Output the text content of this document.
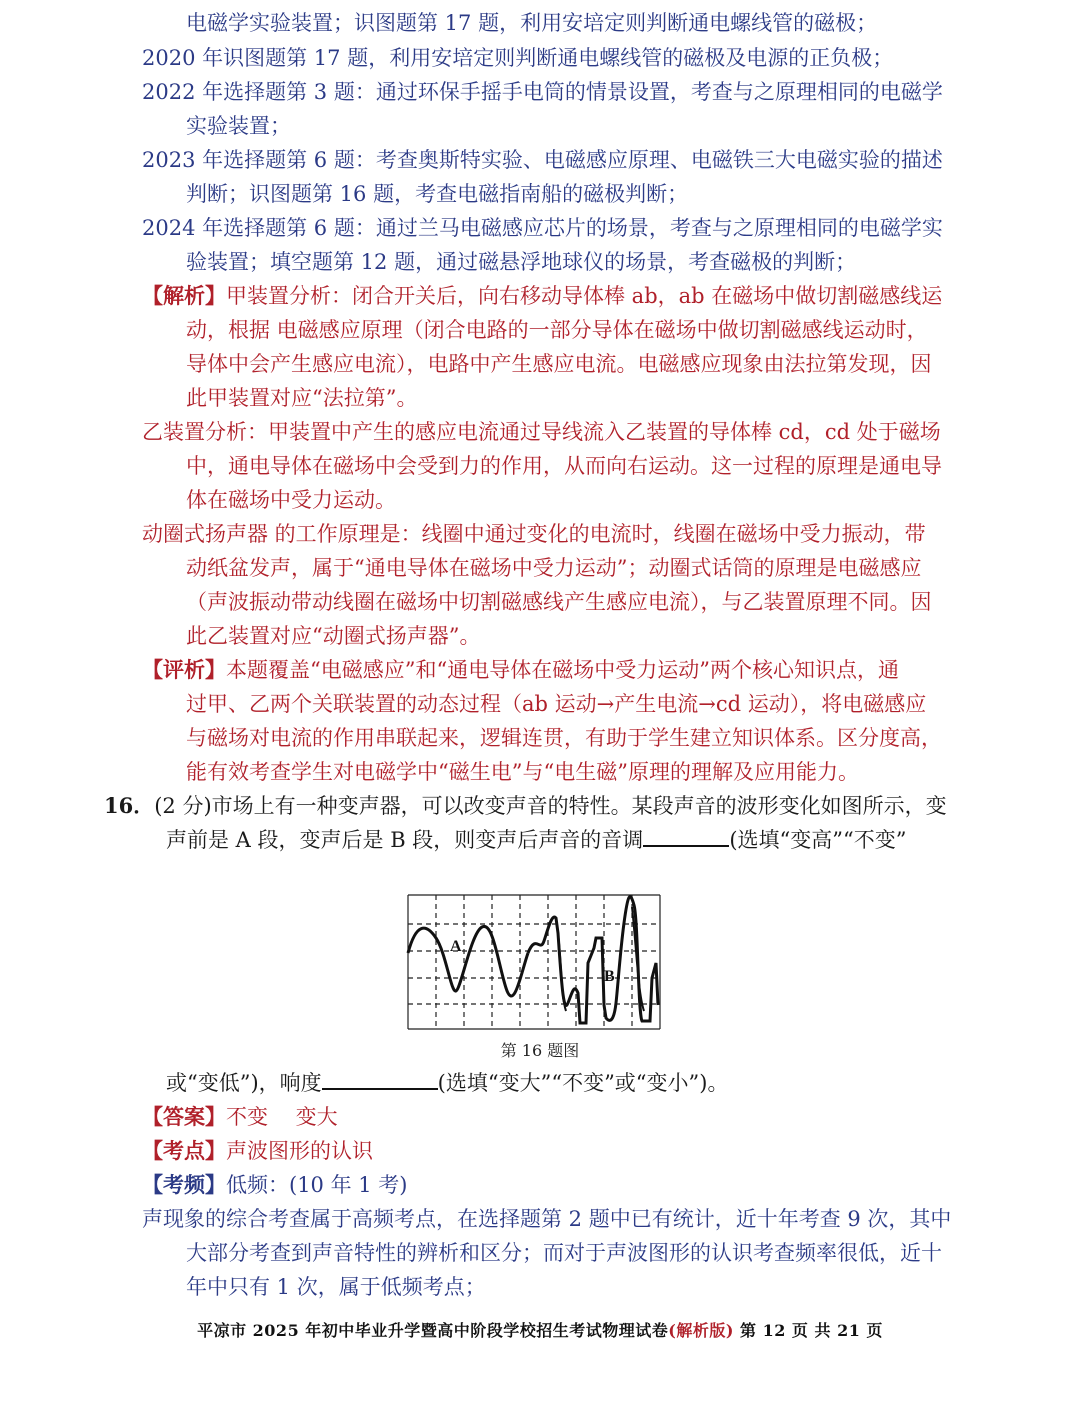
电磁学实验装置；识图题第 17 题，利用安培定则判断通电螺线管的磁极；
2020 年识图题第 17 题，利用安培定则判断通电螺线管的磁极及电源的正负极；
2022 年选择题第 3 题：通过环保手摇手电筒的情景设置，考查与之原理相同的电磁学
实验装置；
2023 年选择题第 6 题：考查奥斯特实验、电磁感应原理、电磁铁三大电磁实验的描述
判断；识图题第 16 题，考查电磁指南船的磁极判断；
2024 年选择题第 6 题：通过兰马电磁感应芯片的场景，考查与之原理相同的电磁学实
验装置；填空题第 12 题，通过磁悬浮地球仪的场景，考查磁极的判断；
【解析】甲装置分析：闭合开关后，向右移动导体棒 ab，ab 在磁场中做切割磁感线运
动，根据 电磁感应原理（闭合电路的一部分导体在磁场中做切割磁感线运动时，
导体中会产生感应电流），电路中产生感应电流。电磁感应现象由法拉第发现，因
此甲装置对应“法拉第”。
乙装置分析：甲装置中产生的感应电流通过导线流入乙装置的导体棒 cd，cd 处于磁场
中，通电导体在磁场中会受到力的作用，从而向右运动。这一过程的原理是通电导
体在磁场中受力运动。
动圈式扬声器 的工作原理是：线圈中通过变化的电流时，线圈在磁场中受力振动，带
动纸盆发声，属于“通电导体在磁场中受力运动”；动圈式话筒的原理是电磁感应
（声波振动带动线圈在磁场中切割磁感线产生感应电流），与乙装置原理不同。因
此乙装置对应“动圈式扬声器”。
【评析】本题覆盖“电磁感应”和“通电导体在磁场中受力运动”两个核心知识点，通
过甲、乙两个关联装置的动态过程（ab 运动→产生电流→cd 运动），将电磁感应
与磁场对电流的作用串联起来，逻辑连贯，有助于学生建立知识体系。区分度高，
能有效考查学生对电磁学中“磁生电”与“电生磁”原理的理解及应用能力。
16．(2 分)市场上有一种变声器，可以改变声音的特性。某段声音的波形变化如图所示，变
声前是 A 段，变声后是 B 段，则变声后声音的音调	(选填“变高”“不变”
A
B
第 16 题图
或“变低”)，响度	(选填“变大”“不变”或“变小”)。
【答案】不变　 变大
【考点】声波图形的认识
【考频】低频：(10 年 1 考)
声现象的综合考查属于高频考点，在选择题第 2 题中已有统计，近十年考查 9 次，其中
大部分考查到声音特性的辨析和区分；而对于声波图形的认识考查频率很低，近十
年中只有 1 次，属于低频考点；
平凉市 2025 年初中毕业升学暨高中阶段学校招生考试物理试卷(解析版) 第 12 页 共 21 页
